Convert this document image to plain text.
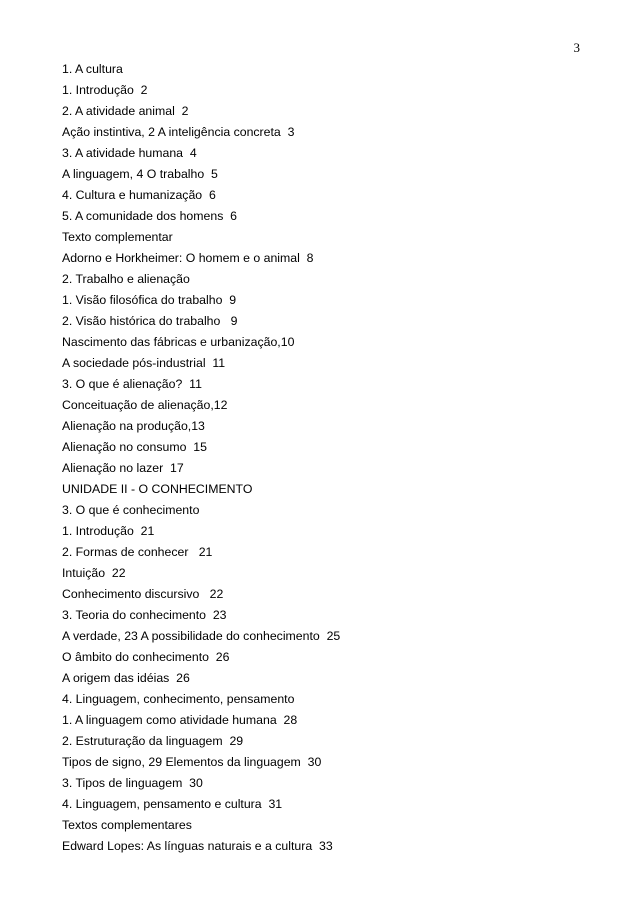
3
1. A cultura
1. Introdução  2
2. A atividade animal  2
Ação instintiva, 2 A inteligência concreta  3
3. A atividade humana  4
A linguagem, 4 O trabalho  5
4. Cultura e humanização  6
5. A comunidade dos homens  6
Texto complementar
Adorno e Horkheimer: O homem e o animal  8
2. Trabalho e alienação
1. Visão filosófica do trabalho  9
2. Visão histórica do trabalho   9
Nascimento das fábricas e urbanização,10
A sociedade pós-industrial  11
3. O que é alienação?  11
Conceituação de alienação,12
Alienação na produção,13
Alienação no consumo  15
Alienação no lazer  17
UNIDADE II - O CONHECIMENTO
3. O que é conhecimento
1. Introdução  21
2. Formas de conhecer   21
Intuição  22
Conhecimento discursivo   22
3. Teoria do conhecimento  23
A verdade, 23 A possibilidade do conhecimento  25
O âmbito do conhecimento  26
A origem das idéias  26
4. Linguagem, conhecimento, pensamento
1. A linguagem como atividade humana  28
2. Estruturação da linguagem  29
Tipos de signo, 29 Elementos da linguagem  30
3. Tipos de linguagem  30
4. Linguagem, pensamento e cultura  31
Textos complementares
Edward Lopes: As línguas naturais e a cultura  33
